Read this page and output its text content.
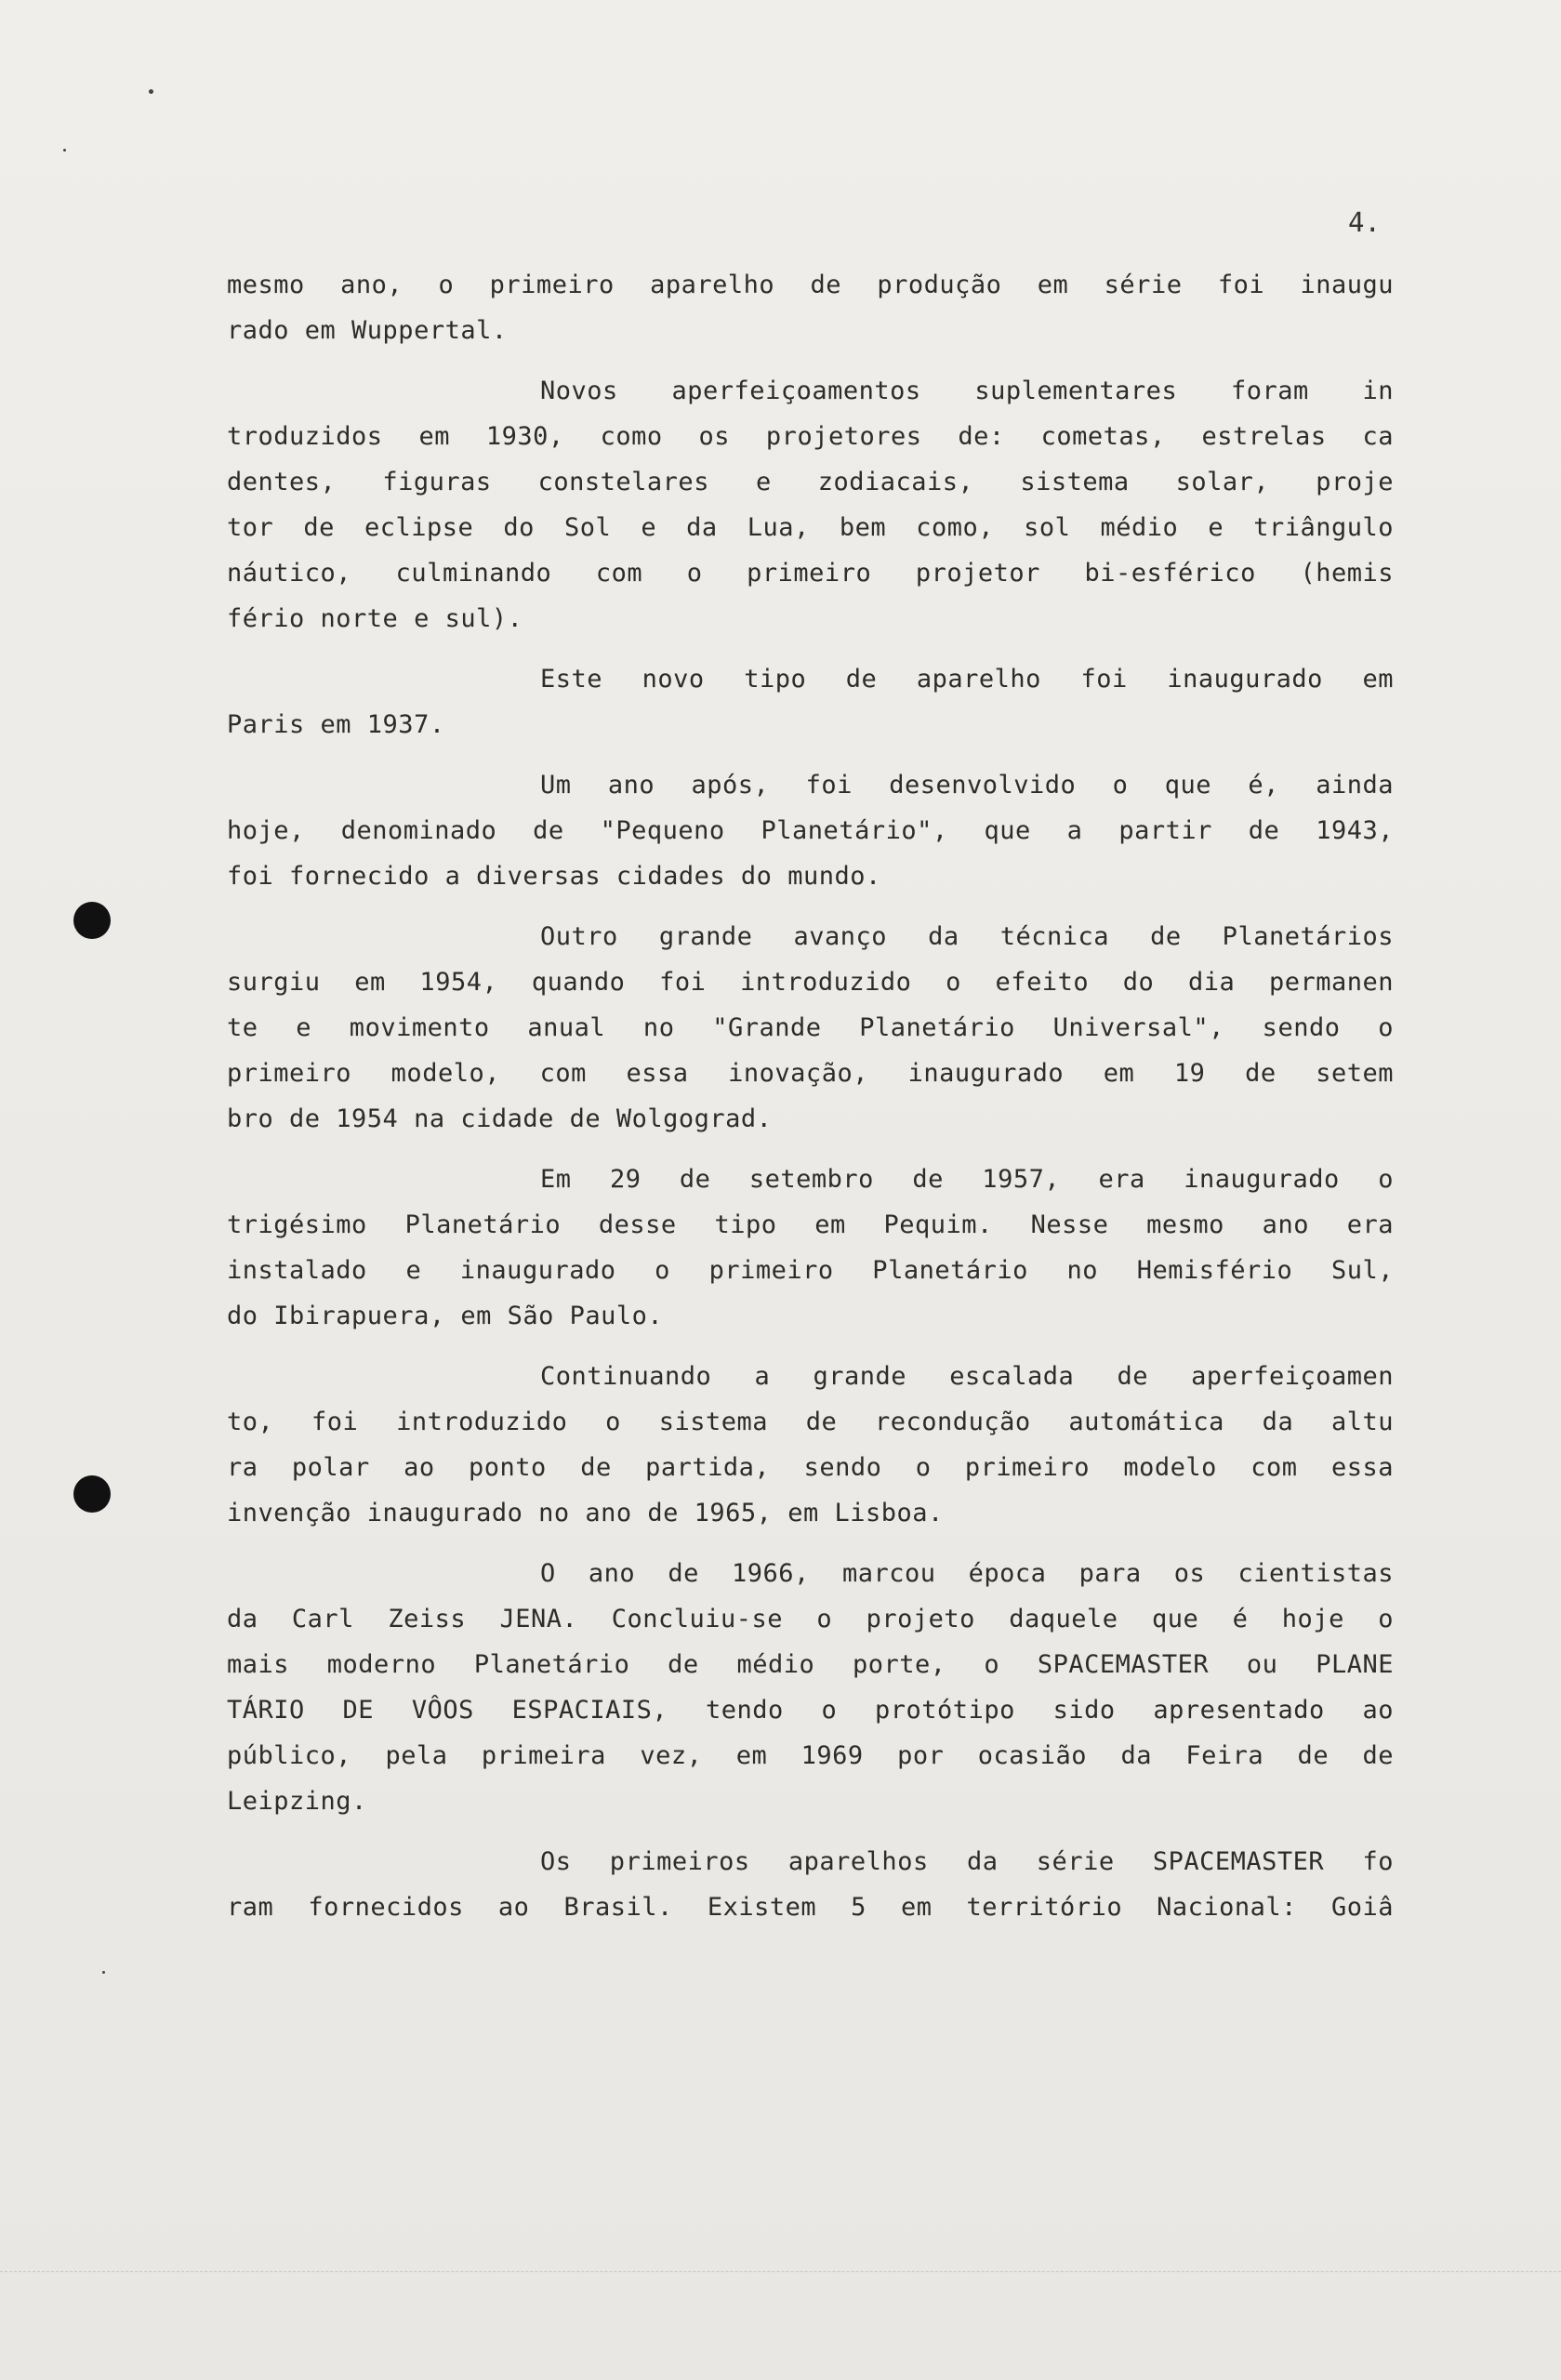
4.
mesmo ano, o primeiro aparelho de produção em série foi inaugu
rado em Wuppertal.
Novos aperfeiçoamentos suplementares foram in
troduzidos em 1930, como os projetores de: cometas, estrelas ca
dentes, figuras constelares e zodiacais, sistema solar, proje
tor de eclipse do Sol e da Lua, bem como, sol médio e triângulo
náutico, culminando com o primeiro projetor bi-esférico (hemis
fério norte e sul).
Este novo tipo de aparelho foi inaugurado em
Paris em 1937.
Um ano após, foi desenvolvido o que é, ainda
hoje, denominado de "Pequeno Planetário", que a partir de 1943,
foi fornecido a diversas cidades do mundo.
Outro grande avanço da técnica de Planetários
surgiu em 1954, quando foi introduzido o efeito do dia permanen
te e movimento anual no "Grande Planetário Universal", sendo o
primeiro modelo, com essa inovação, inaugurado em 19 de setem
bro de 1954 na cidade de Wolgograd.
Em 29 de setembro de 1957, era inaugurado o
trigésimo Planetário desse tipo em Pequim. Nesse mesmo ano era
instalado e inaugurado o primeiro Planetário no Hemisfério Sul,
do Ibirapuera, em São Paulo.
Continuando a grande escalada de aperfeiçoamen
to, foi introduzido o sistema de recondução automática da altu
ra polar ao ponto de partida, sendo o primeiro modelo com essa
invenção inaugurado no ano de 1965, em Lisboa.
O ano de 1966, marcou época para os cientistas
da Carl Zeiss JENA. Concluiu-se o projeto daquele que é hoje o
mais moderno Planetário de médio porte, o SPACEMASTER ou PLANE
TÁRIO DE VÔOS ESPACIAIS, tendo o protótipo sido apresentado ao
público, pela primeira vez, em 1969 por ocasião da Feira de de
Leipzing.
Os primeiros aparelhos da série SPACEMASTER fo
ram fornecidos ao Brasil. Existem 5 em território Nacional: Goiâ
